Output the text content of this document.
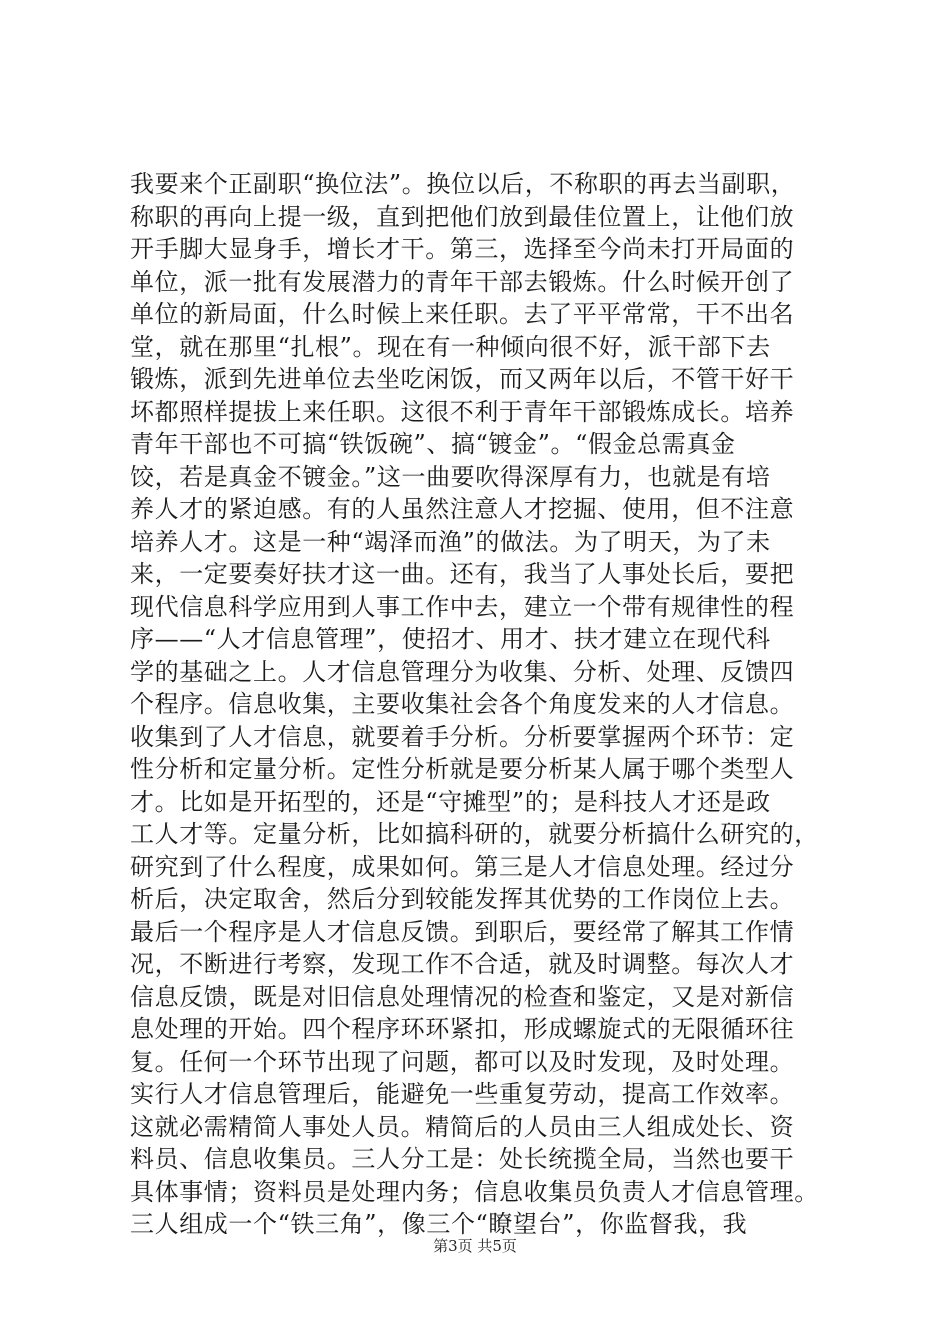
我要来个正副职“换位法”。换位以后，不称职的再去当副职，
称职的再向上提一级，直到把他们放到最佳位置上，让他们放
开手脚大显身手，增长才干。第三，选择至今尚未打开局面的
单位，派一批有发展潜力的青年干部去锻炼。什么时候开创了
单位的新局面，什么时候上来任职。去了平平常常，干不出名
堂，就在那里“扎根”。现在有一种倾向很不好，派干部下去
锻炼，派到先进单位去坐吃闲饭，而又两年以后，不管干好干
坏都照样提拔上来任职。这很不利于青年干部锻炼成长。培养
青年干部也不可搞“铁饭碗”、搞“镀金”。“假金总需真金
饺，若是真金不镀金。”这一曲要吹得深厚有力，也就是有培
养人才的紧迫感。有的人虽然注意人才挖掘、使用，但不注意
培养人才。这是一种“竭泽而渔”的做法。为了明天，为了未
来，一定要奏好扶才这一曲。还有，我当了人事处长后，要把
现代信息科学应用到人事工作中去，建立一个带有规律性的程
序——“人才信息管理”，使招才、用才、扶才建立在现代科
学的基础之上。人才信息管理分为收集、分析、处理、反馈四
个程序。信息收集，主要收集社会各个角度发来的人才信息。
收集到了人才信息，就要着手分析。分析要掌握两个环节：定
性分析和定量分析。定性分析就是要分析某人属于哪个类型人
才。比如是开拓型的，还是“守摊型”的；是科技人才还是政
工人才等。定量分析，比如搞科研的，就要分析搞什么研究的，
研究到了什么程度，成果如何。第三是人才信息处理。经过分
析后，决定取舍，然后分到较能发挥其优势的工作岗位上去。
最后一个程序是人才信息反馈。到职后，要经常了解其工作情
况，不断进行考察，发现工作不合适，就及时调整。每次人才
信息反馈，既是对旧信息处理情况的检查和鉴定，又是对新信
息处理的开始。四个程序环环紧扣，形成螺旋式的无限循环往
复。任何一个环节出现了问题，都可以及时发现，及时处理。
实行人才信息管理后，能避免一些重复劳动，提高工作效率。
这就必需精简人事处人员。精简后的人员由三人组成处长、资
料员、信息收集员。三人分工是：处长统揽全局，当然也要干
具体事情；资料员是处理内务；信息收集员负责人才信息管理。
三人组成一个“铁三角”，像三个“瞭望台”，你监督我，我
第3页 共5页
